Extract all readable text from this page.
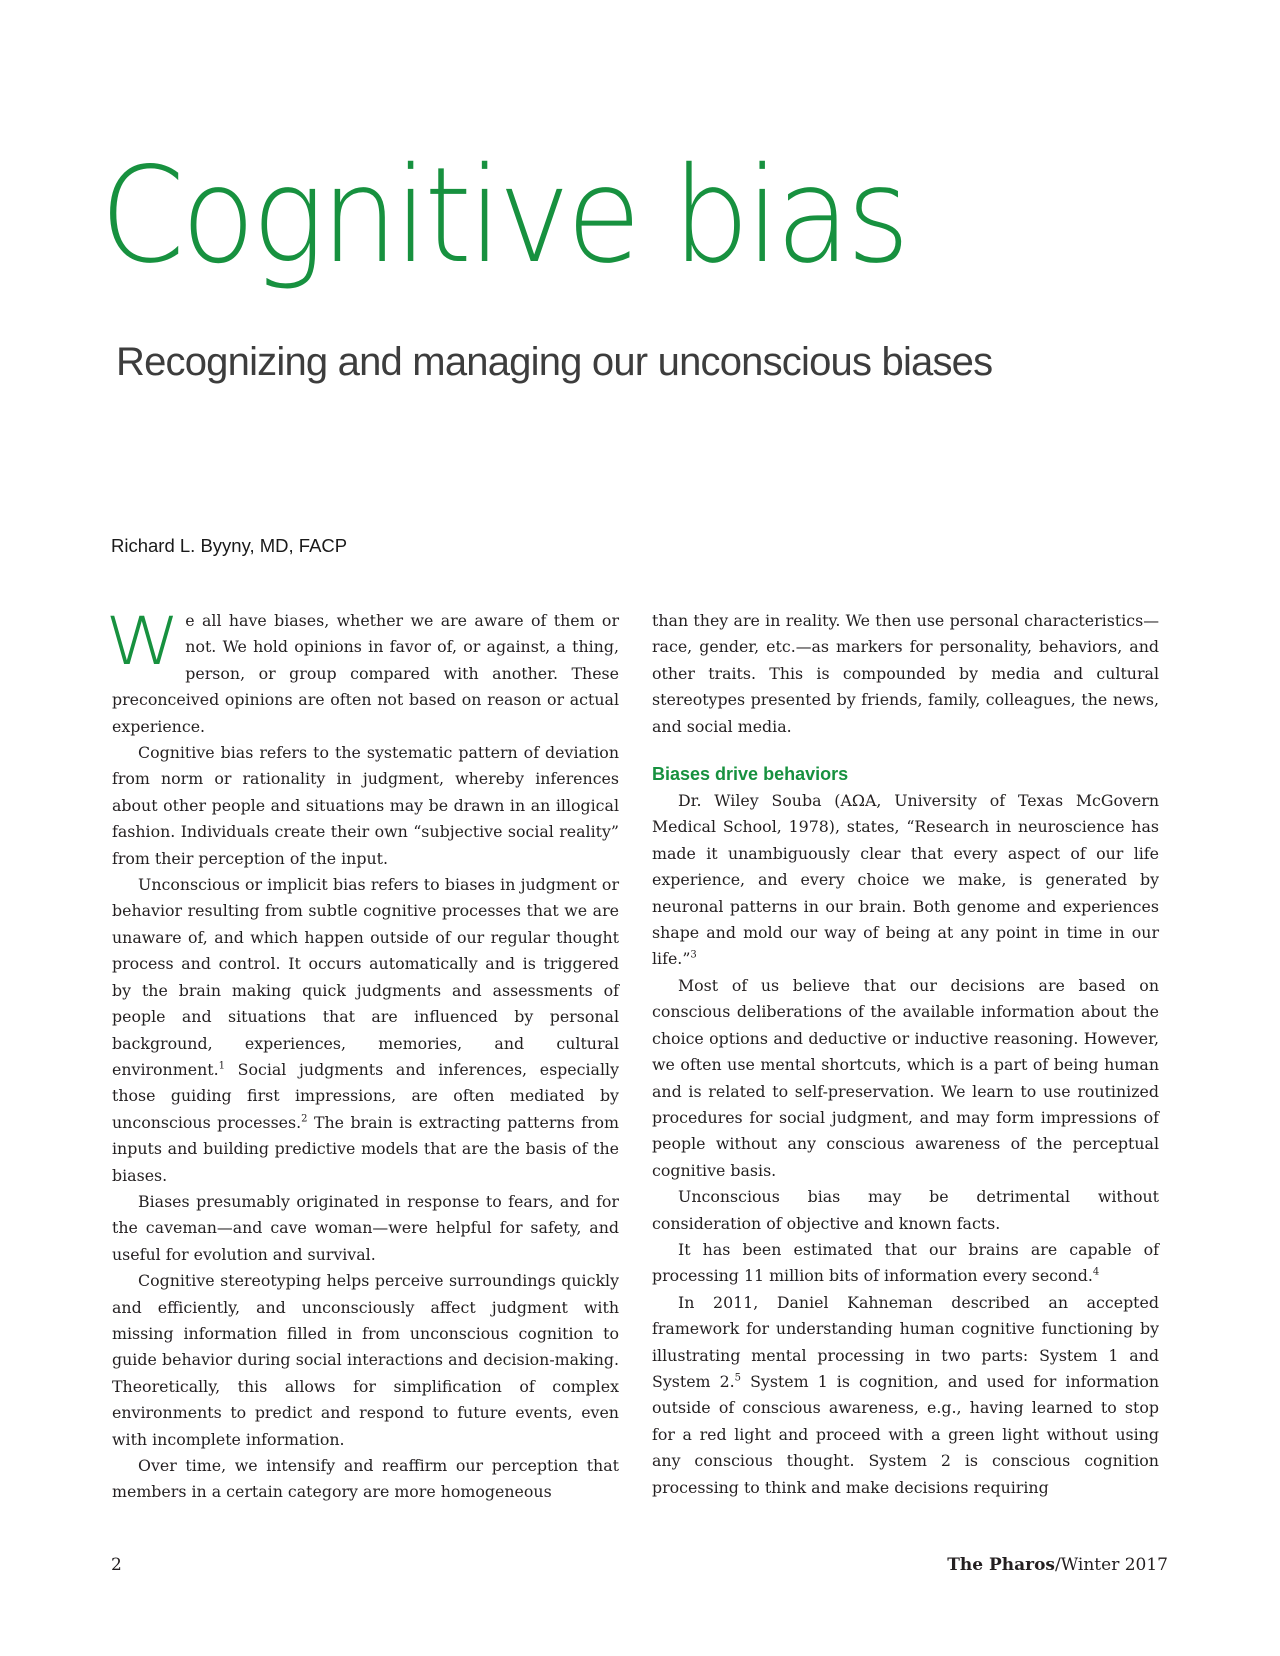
Cognitive bias
Recognizing and managing our unconscious biases
Richard L. Byyny, MD, FACP

We all have biases, whether we are aware of them or not. We hold opinions in favor of, or against, a thing, person, or group compared with another. These preconceived opinions are often not based on reason or actual experience.

Cognitive bias refers to the systematic pattern of deviation from norm or rationality in judgment, whereby inferences about other people and situations may be drawn in an illogical fashion. Individuals create their own “subjective social reality” from their perception of the input.

Unconscious or implicit bias refers to biases in judgment or behavior resulting from subtle cognitive processes that we are unaware of, and which happen outside of our regular thought process and control. It occurs automatically and is triggered by the brain making quick judgments and assessments of people and situations that are influenced by personal background, experiences, memories, and cultural environment.$^1$ Social judgments and inferences, especially those guiding first impressions, are often mediated by unconscious processes.$^2$ The brain is extracting patterns from inputs and building predictive models that are the basis of the biases.

Biases presumably originated in response to fears, and for the caveman—and cave woman—were helpful for safety, and useful for evolution and survival.

Cognitive stereotyping helps perceive surroundings quickly and efficiently, and unconsciously affect judgment with missing information filled in from unconscious cognition to guide behavior during social interactions and decision-making. Theoretically, this allows for simplification of complex environments to predict and respond to future events, even with incomplete information.

Over time, we intensify and reaffirm our perception that members in a certain category are more homogeneous

than they are in reality. We then use personal characteristics—race, gender, etc.—as markers for personality, behaviors, and other traits. This is compounded by media and cultural stereotypes presented by friends, family, colleagues, the news, and social media.

Biases drive behaviors

Dr. Wiley Souba (AΩA, University of Texas McGovern Medical School, 1978), states, “Research in neuroscience has made it unambiguously clear that every aspect of our life experience, and every choice we make, is generated by neuronal patterns in our brain. Both genome and experiences shape and mold our way of being at any point in time in our life.”$^3$

Most of us believe that our decisions are based on conscious deliberations of the available information about the choice options and deductive or inductive reasoning. However, we often use mental shortcuts, which is a part of being human and is related to self-preservation. We learn to use routinized procedures for social judgment, and may form impressions of people without any conscious awareness of the perceptual cognitive basis.

Unconscious bias may be detrimental without consideration of objective and known facts.

It has been estimated that our brains are capable of processing 11 million bits of information every second.$^4$

In 2011, Daniel Kahneman described an accepted framework for understanding human cognitive functioning by illustrating mental processing in two parts: System 1 and System 2.$^5$ System 1 is cognition, and used for information outside of conscious awareness, e.g., having learned to stop for a red light and proceed with a green light without using any conscious thought. System 2 is conscious cognition processing to think and make decisions requiring

2	The Pharos/Winter 2017
